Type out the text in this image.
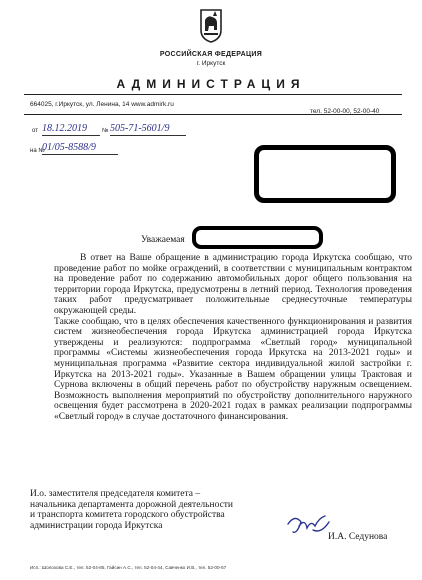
РОССИЙСКАЯ ФЕДЕРАЦИЯ
г. Иркутск
АДМИНИСТРАЦИЯ
664025, г.Иркутск, ул. Ленина, 14 www.admirk.ru
тел. 52-00-00, 52-00-40
от 18.12.2019	№ 505-71-5601/9
на №
01/05-8588/9
Уважаемая

В ответ на Ваше обращение в администрацию города Иркутска сообщаю, что проведение работ по мойке ограждений, в соответствии с муниципальным контрактом на проведение работ по содержанию автомобильных дорог общего пользования на территории города Иркутска, предусмотрены в летний период. Технология проведения таких работ предусматривает положительные среднесуточные температуры окружающей среды.

Также сообщаю, что в целях обеспечения качественного функционирования и развития систем жизнеобеспечения города Иркутска администрацией города Иркутска утверждены и реализуются: подпрограмма «Светлый город» муниципальной программы «Системы жизнеобеспечения города Иркутска на 2013-2021 годы» и муниципальная программа «Развитие сектора индивидуальной жилой застройки г. Иркутска на 2013-2021 годы». Указанные в Вашем обращении улицы Трактовая и Сурнова включены в общий перечень работ по обустройству наружным освещением. Возможность выполнения мероприятий по обустройству дополнительного наружного освещения будет рассмотрена в 2020-2021 годах в рамках реализации подпрограммы «Светлый город» в случае достаточного финансирования.

И.о. заместителя председателя комитета –
начальника департамента дорожной деятельности
и транспорта комитета городского обустройства
администрации города Иркутска
И.А. Седунова
Исп.: Шолохова С.Е., тел. 52-04-85, Гайсин А.С., тел. 52-04-44, Савченко И.В., тел. 52-00-57
